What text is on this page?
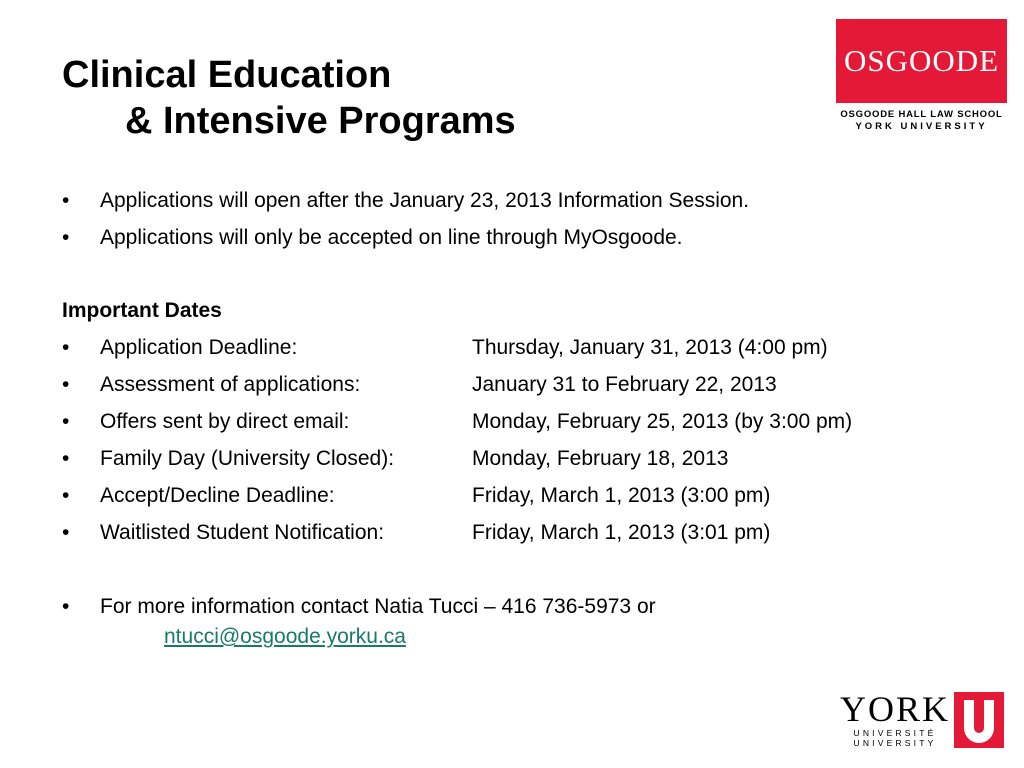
Clinical Education
& Intensive Programs
OSGOODE
OSGOODE HALL LAW SCHOOL
YORK UNIVERSITY
•	Applications will open after the January 23, 2013 Information Session.
•	Applications will only be accepted on line through MyOsgoode.
Important Dates
•	Application Deadline:	Thursday, January 31, 2013 (4:00 pm)
•	Assessment of applications:	January 31 to February 22, 2013
•	Offers sent by direct email:	Monday, February 25, 2013 (by 3:00 pm)
•	Family Day (University Closed):	Monday, February 18, 2013
•	Accept/Decline Deadline:	Friday, March 1, 2013 (3:00 pm)
•	Waitlisted Student Notification:	Friday, March 1, 2013 (3:01 pm)
•	For more information contact Natia Tucci – 416 736-5973 or
ntucci@osgoode.yorku.ca
YORK
UNIVERSITÉ
UNIVERSITY
